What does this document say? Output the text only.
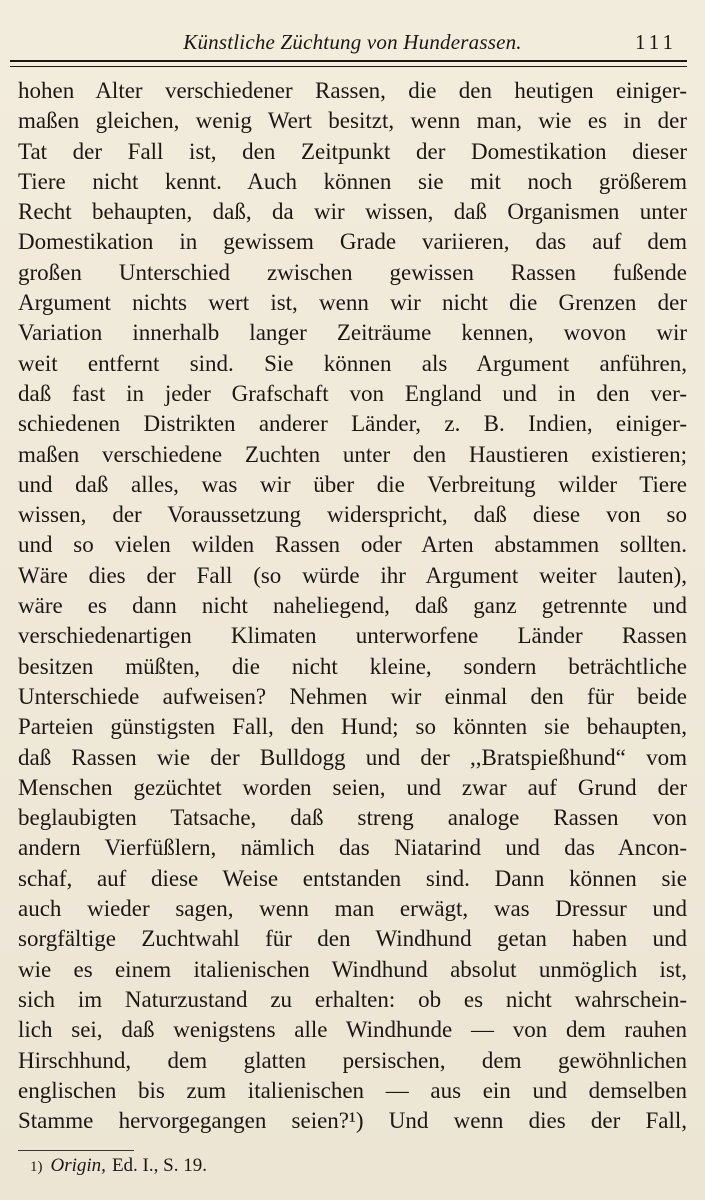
Künstliche Züchtung von Hunderassen.	111
hohen Alter verschiedener Rassen, die den heutigen einiger-
maßen gleichen, wenig Wert besitzt, wenn man, wie es in der
Tat der Fall ist, den Zeitpunkt der Domestikation dieser
Tiere nicht kennt. Auch können sie mit noch größerem
Recht behaupten, daß, da wir wissen, daß Organismen unter
Domestikation in gewissem Grade variieren, das auf dem
großen Unterschied zwischen gewissen Rassen fußende
Argument nichts wert ist, wenn wir nicht die Grenzen der
Variation innerhalb langer Zeiträume kennen, wovon wir
weit entfernt sind. Sie können als Argument anführen,
daß fast in jeder Grafschaft von England und in den ver-
schiedenen Distrikten anderer Länder, z. B. Indien, einiger-
maßen verschiedene Zuchten unter den Haustieren existieren;
und daß alles, was wir über die Verbreitung wilder Tiere
wissen, der Voraussetzung widerspricht, daß diese von so
und so vielen wilden Rassen oder Arten abstammen sollten.
Wäre dies der Fall (so würde ihr Argument weiter lauten),
wäre es dann nicht naheliegend, daß ganz getrennte und
verschiedenartigen Klimaten unterworfene Länder Rassen
besitzen müßten, die nicht kleine, sondern beträchtliche
Unterschiede aufweisen? Nehmen wir einmal den für beide
Parteien günstigsten Fall, den Hund; so könnten sie behaupten,
daß Rassen wie der Bulldogg und der ,,Bratspießhund“ vom
Menschen gezüchtet worden seien, und zwar auf Grund der
beglaubigten Tatsache, daß streng analoge Rassen von
andern Vierfüßlern, nämlich das Niatarind und das Ancon-
schaf, auf diese Weise entstanden sind. Dann können sie
auch wieder sagen, wenn man erwägt, was Dressur und
sorgfältige Zuchtwahl für den Windhund getan haben und
wie es einem italienischen Windhund absolut unmöglich ist,
sich im Naturzustand zu erhalten: ob es nicht wahrschein-
lich sei, daß wenigstens alle Windhunde — von dem rauhen
Hirschhund, dem glatten persischen, dem gewöhnlichen
englischen bis zum italienischen — aus ein und demselben
Stamme hervorgegangen seien?¹) Und wenn dies der Fall,
1) Origin, Ed. I., S. 19.
